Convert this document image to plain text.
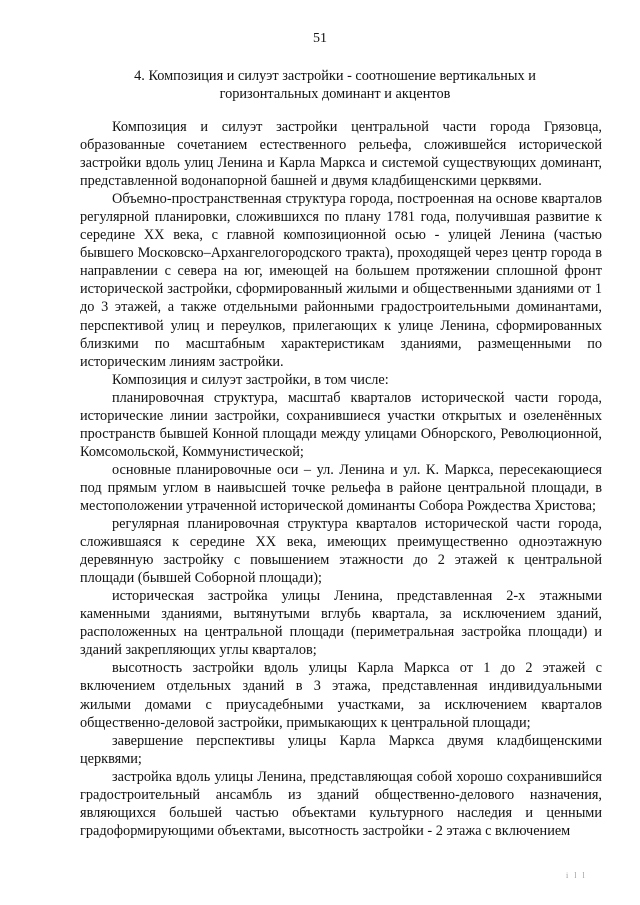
51
4. Композиция и силуэт застройки - соотношение вертикальных и
горизонтальных доминант и акцентов

Композиция и силуэт застройки центральной части города Грязовца, образованные сочетанием естественного рельефа, сложившейся исторической застройки вдоль улиц Ленина и Карла Маркса и системой существующих доминант, представленной водонапорной башней и двумя кладбищенскими церквями.

Объемно-пространственная структура города, построенная на основе кварталов регулярной планировки, сложившихся по плану 1781 года, получившая развитие к середине XX века, с главной композиционной осью - улицей Ленина (частью бывшего Московско–Архангелогородского тракта), проходящей через центр города в направлении с севера на юг, имеющей на большем протяжении сплошной фронт исторической застройки, сформированный жилыми и общественными зданиями от 1 до 3 этажей, а также отдельными районными градостроительными доминантами, перспективой улиц и переулков, прилегающих к улице Ленина, сформированных близкими по масштабным характеристикам зданиями, размещенными по историческим линиям застройки.

Композиция и силуэт застройки, в том числе:

планировочная структура, масштаб кварталов исторической части города, исторические линии застройки, сохранившиеся участки открытых и озеленённых пространств бывшей Конной площади между улицами Обнорского, Революционной, Комсомольской, Коммунистической;

основные планировочные оси – ул. Ленина и ул. К. Маркса, пересекающиеся под прямым углом в наивысшей точке рельефа в районе центральной площади, в местоположении утраченной исторической доминанты Собора Рождества Христова;

регулярная планировочная структура кварталов исторической части города, сложившаяся к середине XX века, имеющих преимущественно одноэтажную деревянную застройку с повышением этажности до 2 этажей к центральной площади (бывшей Соборной площади);

историческая застройка улицы Ленина, представленная 2-х этажными каменными зданиями, вытянутыми вглубь квартала, за исключением зданий, расположенных на центральной площади (периметральная застройка площади) и зданий закрепляющих углы кварталов;

высотность застройки вдоль улицы Карла Маркса от 1 до 2 этажей с включением отдельных зданий в 3 этажа, представленная индивидуальными жилыми домами с приусадебными участками, за исключением кварталов общественно-деловой застройки, примыкающих к центральной площади;

завершение перспективы улицы Карла Маркса двумя кладбищенскими церквями;

застройка вдоль улицы Ленина, представляющая собой хорошо сохранившийся градостроительный ансамбль из зданий общественно-делового назначения, являющихся большей частью объектами культурного наследия и ценными градоформирующими объектами, высотность застройки - 2 этажа с включением

i l l
